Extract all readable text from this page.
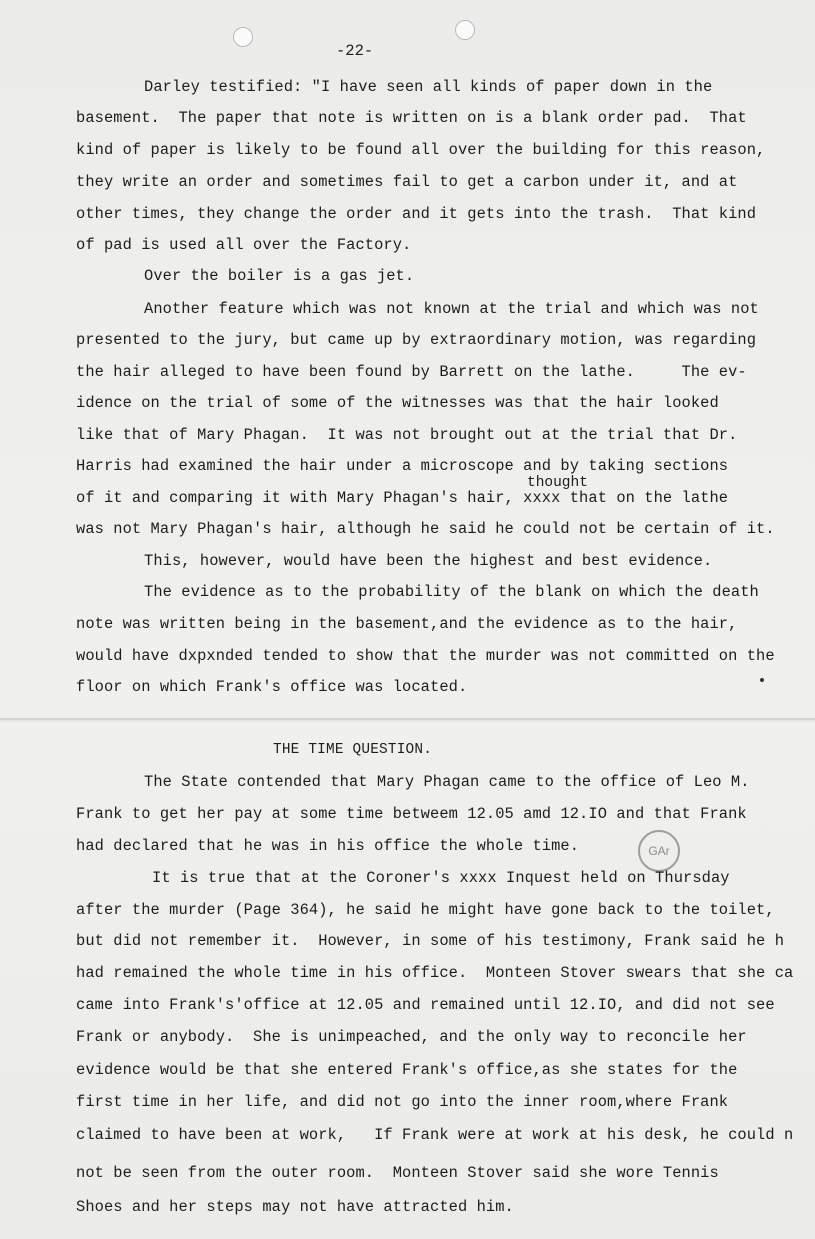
-22-
Darley testified: "I have seen all kinds of paper down in the
basement.  The paper that note is written on is a blank order pad.  That
kind of paper is likely to be found all over the building for this reason,
they write an order and sometimes fail to get a carbon under it, and at
other times, they change the order and it gets into the trash.  That kind
of pad is used all over the Factory.
Over the boiler is a gas jet.
Another feature which was not known at the trial and which was not
presented to the jury, but came up by extraordinary motion, was regarding
the hair alleged to have been found by Barrett on the lathe.     The ev-
idence on the trial of some of the witnesses was that the hair looked
like that of Mary Phagan.  It was not brought out at the trial that Dr.
Harris had examined the hair under a microscope and by taking sections
thought
of it and comparing it with Mary Phagan's hair, xxxx that on the lathe
was not Mary Phagan's hair, although he said he could not be certain of it.
This, however, would have been the highest and best evidence.
The evidence as to the probability of the blank on which the death
note was written being in the basement,and the evidence as to the hair,
would have dxpxnded tended to show that the murder was not committed on the
floor on which Frank's office was located.
THE TIME QUESTION.
The State contended that Mary Phagan came to the office of Leo M.
Frank to get her pay at some time betweem 12.05 amd 12.IO and that Frank
had declared that he was in his office the whole time.	GAr
It is true that at the Coroner's xxxx Inquest held on Thursday
after the murder (Page 364), he said he might have gone back to the toilet,
but did not remember it.  However, in some of his testimony, Frank said he h
had remained the whole time in his office.  Monteen Stover swears that she ca
came into Frank's'office at 12.05 and remained until 12.IO, and did not see
Frank or anybody.  She is unimpeached, and the only way to reconcile her
evidence would be that she entered Frank's office,as she states for the
first time in her life, and did not go into the inner room,where Frank
claimed to have been at work,   If Frank were at work at his desk, he could n
not be seen from the outer room.  Monteen Stover said she wore Tennis
Shoes and her steps may not have attracted him.
